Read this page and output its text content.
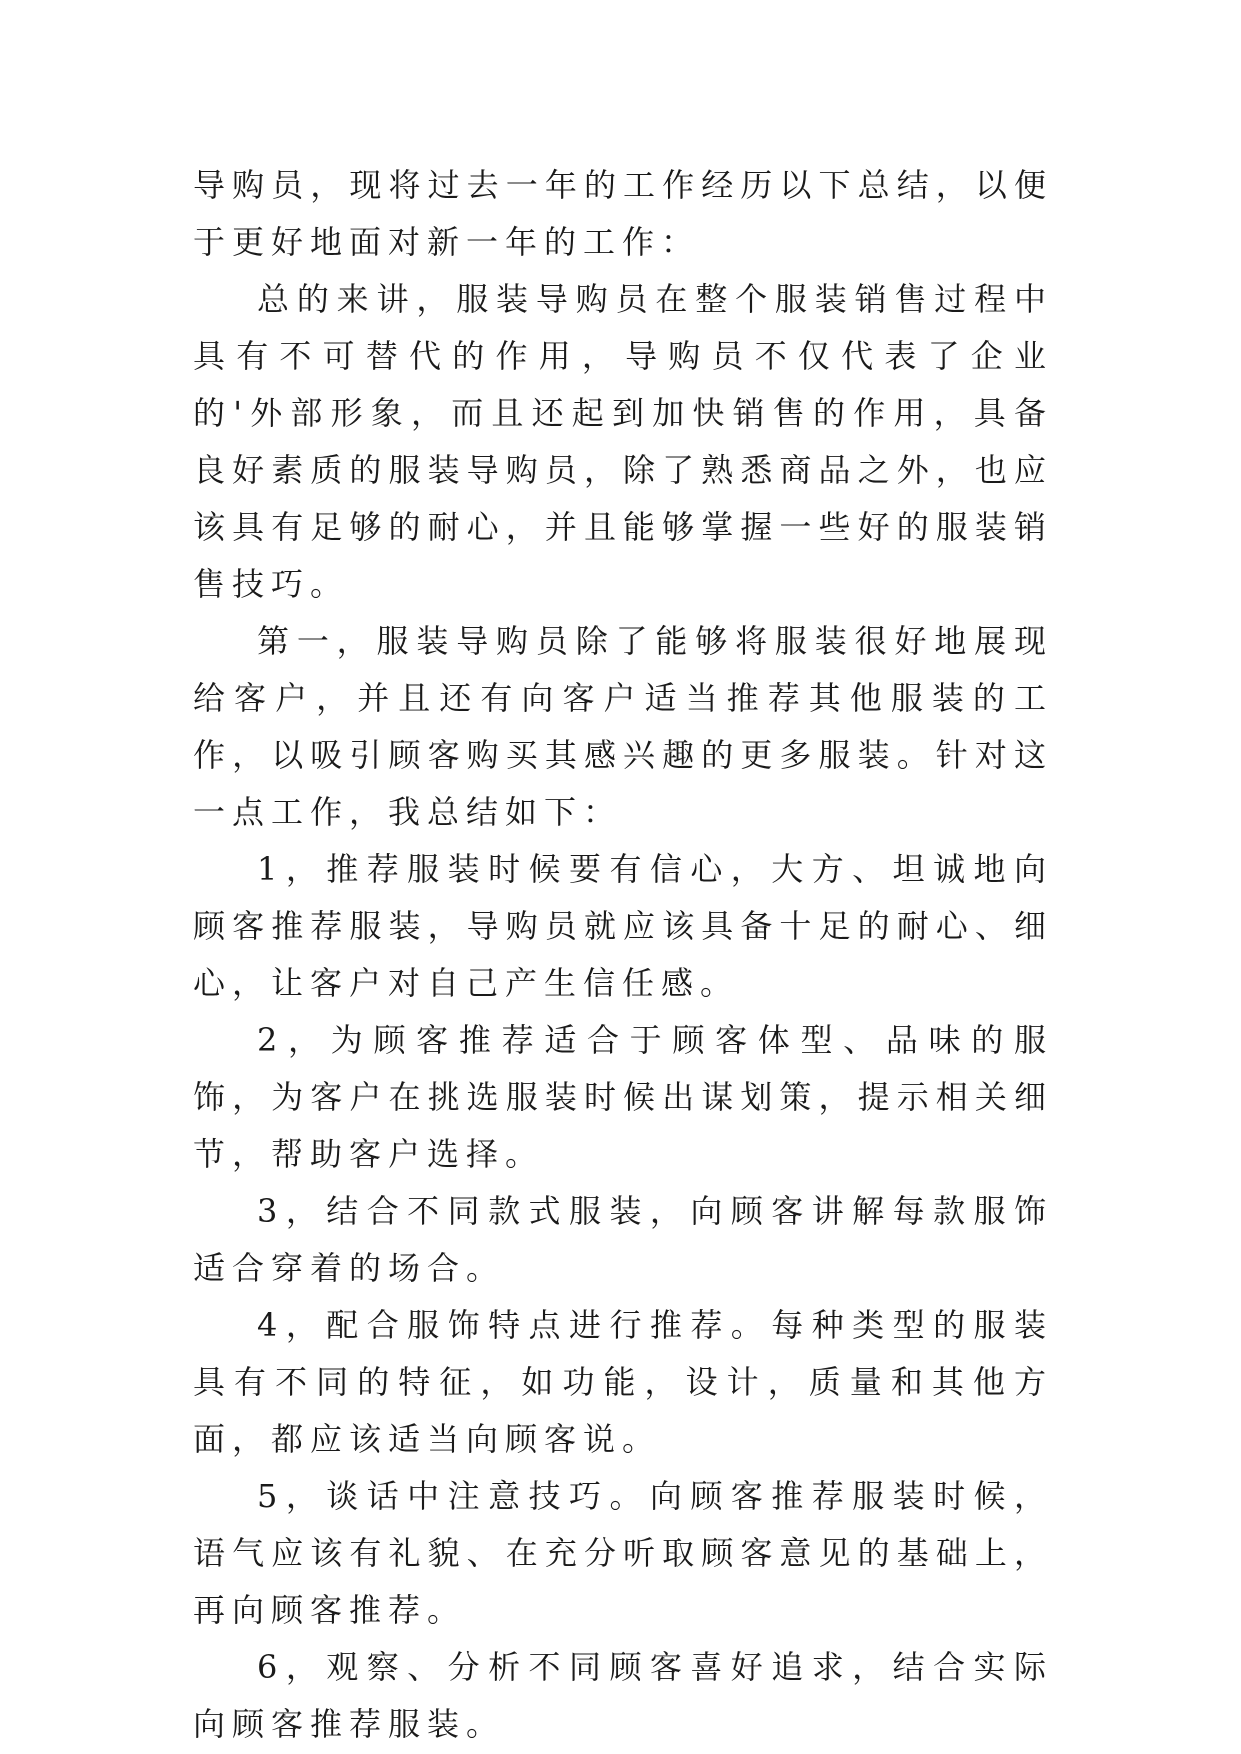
导购员，现将过去一年的工作经历以下总结，以便于更好地面对新一年的工作：

总的来讲，服装导购员在整个服装销售过程中具有不可替代的作用，导购员不仅代表了企业的'外部形象，而且还起到加快销售的作用，具备良好素质的服装导购员，除了熟悉商品之外，也应该具有足够的耐心，并且能够掌握一些好的服装销售技巧。

第一，服装导购员除了能够将服装很好地展现给客户，并且还有向客户适当推荐其他服装的工作，以吸引顾客购买其感兴趣的更多服装。针对这一点工作，我总结如下：

1，推荐服装时候要有信心，大方、坦诚地向顾客推荐服装，导购员就应该具备十足的耐心、细心，让客户对自己产生信任感。

2，为顾客推荐适合于顾客体型、品味的服饰，为客户在挑选服装时候出谋划策，提示相关细节，帮助客户选择。

3，结合不同款式服装，向顾客讲解每款服饰适合穿着的场合。

4，配合服饰特点进行推荐。每种类型的服装具有不同的特征，如功能，设计，质量和其他方面，都应该适当向顾客说。

5，谈话中注意技巧。向顾客推荐服装时候，语气应该有礼貌、在充分听取顾客意见的基础上，再向顾客推荐。

6，观察、分析不同顾客喜好追求，结合实际向顾客推荐服装。
